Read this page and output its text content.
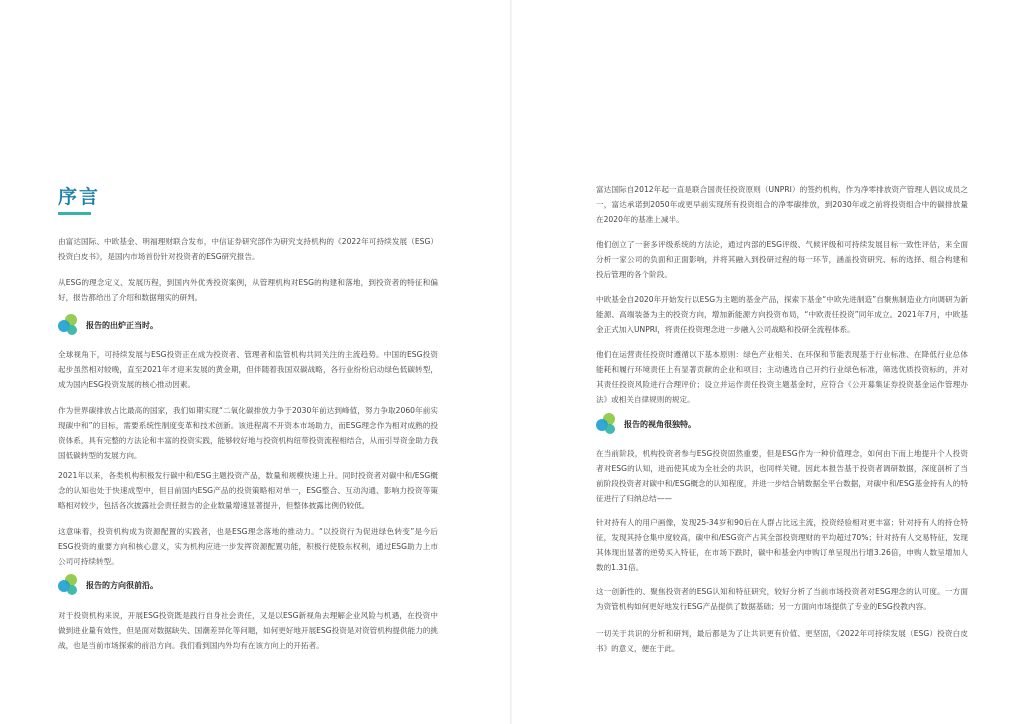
序言

由富达国际、中欧基金、明福理财联合发布，中信证券研究部作为研究支持机构的《2022年可持续发展（ESG）投资白皮书》，是国内市场首份针对投资者的ESG研究报告。

从ESG的理念定义、发展历程，到国内外优秀投资案例，从管理机构对ESG的构建和落地，到投资者的特征和偏好，报告都给出了介绍和数据翔实的研判。

报告的出炉正当时。

全球视角下，可持续发展与ESG投资正在成为投资者、管理者和监管机构共同关注的主流趋势。中国的ESG投资起步虽然相对较晚，直至2021年才迎来发展的黄金期，但伴随着我国双碳战略，各行业纷纷启动绿色低碳转型，成为国内ESG投资发展的核心推动因素。

作为世界碳排放占比最高的国家，我们如期实现“二氧化碳排放力争于2030年前达到峰值，努力争取2060年前实现碳中和”的目标，需要系统性制度变革和技术创新。该进程离不开资本市场助力，而ESG理念作为相对成熟的投资体系，具有完整的方法论和丰富的投资实践，能够较好地与投资机构纽带投资流程相结合，从而引导资金助力我国低碳转型的发展方向。

2021年以来，各类机构积极发行碳中和/ESG主题投资产品，数量和规模快速上升。同时投资者对碳中和/ESG概念的认知也处于快速成型中，但目前国内ESG产品的投资策略相对单一，ESG整合、互动沟通、影响力投资等策略相对较少，包括各次披露社会责任报告的企业数量增速显著提升，但整体披露比例仍较低。

这意味着，投资机构成为资源配置的实践者，也是ESG理念落地的推动力。“以投资行为促进绿色转变”是今后ESG投资的重要方向和核心意义，实为机构应进一步发挥资源配置功能，积极行使股东权利，通过ESG助力上市公司可持续转型。

报告的方向很前沿。

对于投资机构来说，开展ESG投资既是践行自身社会责任，又是以ESG新视角去理解企业风险与机遇，在投资中做到进业量有效性，但是面对数据缺失、国潮差异化等问题，如何更好地开展ESG投资是对资管机构提供能力的挑战，也是当前市场探索的前沿方向。我们看到国内外均有在该方向上的开拓者。

富达国际自2012年起一直是联合国责任投资原则（UNPRI）的签约机构，作为净零排放资产管理人倡议成员之一，富达承诺到2050年或更早前实现所有投资组合的净零碳排放，到2030年或之前将投资组合中的碳排放量在2020年的基准上减半。

他们创立了一套多评级系统的方法论，通过内部的ESG评级、气候评级和可持续发展目标一致性评估，来全面分析一家公司的负面和正面影响，并将其融入到投研过程的每一环节，涵盖投资研究、标的选择、组合构建和投后管理的各个阶段。

中欧基金自2020年开始发行以ESG为主题的基金产品，探索下基金“中欧先进制造”自聚焦制造业方向调研为新能源、高端装备为主的投资方向，增加新能源方向投资布局，“中欧责任投资”同年成立。2021年7月，中欧基金正式加入UNPRI，将责任投资理念进一步融入公司战略和投研全流程体系。

他们在运营责任投资时遵循以下基本原则：绿色产业相关、在环保和节能表现基于行业标准、在降低行业总体能耗和履行环境责任上有显著贡献的企业和项目；主动遴选自己开约行业绿色标准，筛选优质投资标的，并对其责任投资风险进行合理评价；设立并运作责任投资主题基金时，应符合《公开募集证券投资基金运作管理办法》或相关自律规则的规定。

报告的视角很独特。

在当前阶段，机构投资者参与ESG投资固然重要，但是ESG作为一种价值理念，如何由下而上地提升个人投资者对ESG的认知，进而使其成为全社会的共识，也同样关键。因此本报告基于投资者调研数据，深度剖析了当前阶段投资者对碳中和/ESG概念的认知程度，并进一步结合销数据全平台数据，对碳中和/ESG基金持有人的特征进行了归纳总结——

针对持有人的用户画像，发现25-34岁和90后在人群占比远主流，投资经验相对更丰富；针对持有人的持仓特征，发现其持仓集中度较高，碳中和/ESG资产占其全部投资理财的平均超过70%；针对持有人交易特征，发现其体现出显著的逆势买入特征，在市场下跌时，碳中和基金内申购订单呈现出行增3.26倍，申购人数呈增加人数的1.31倍。

这一创新性的、聚焦投资者的ESG认知和特征研究，较好分析了当前市场投资者对ESG理念的认可度。一方面为资管机构如何更好地发行ESG产品提供了数据基础；另一方面向市场提供了专业的ESG投教内容。

一切关于共识的分析和研判，最后都是为了让共识更有价值、更坚固，《2022年可持续发展（ESG）投资白皮书》的意义，便在于此。
